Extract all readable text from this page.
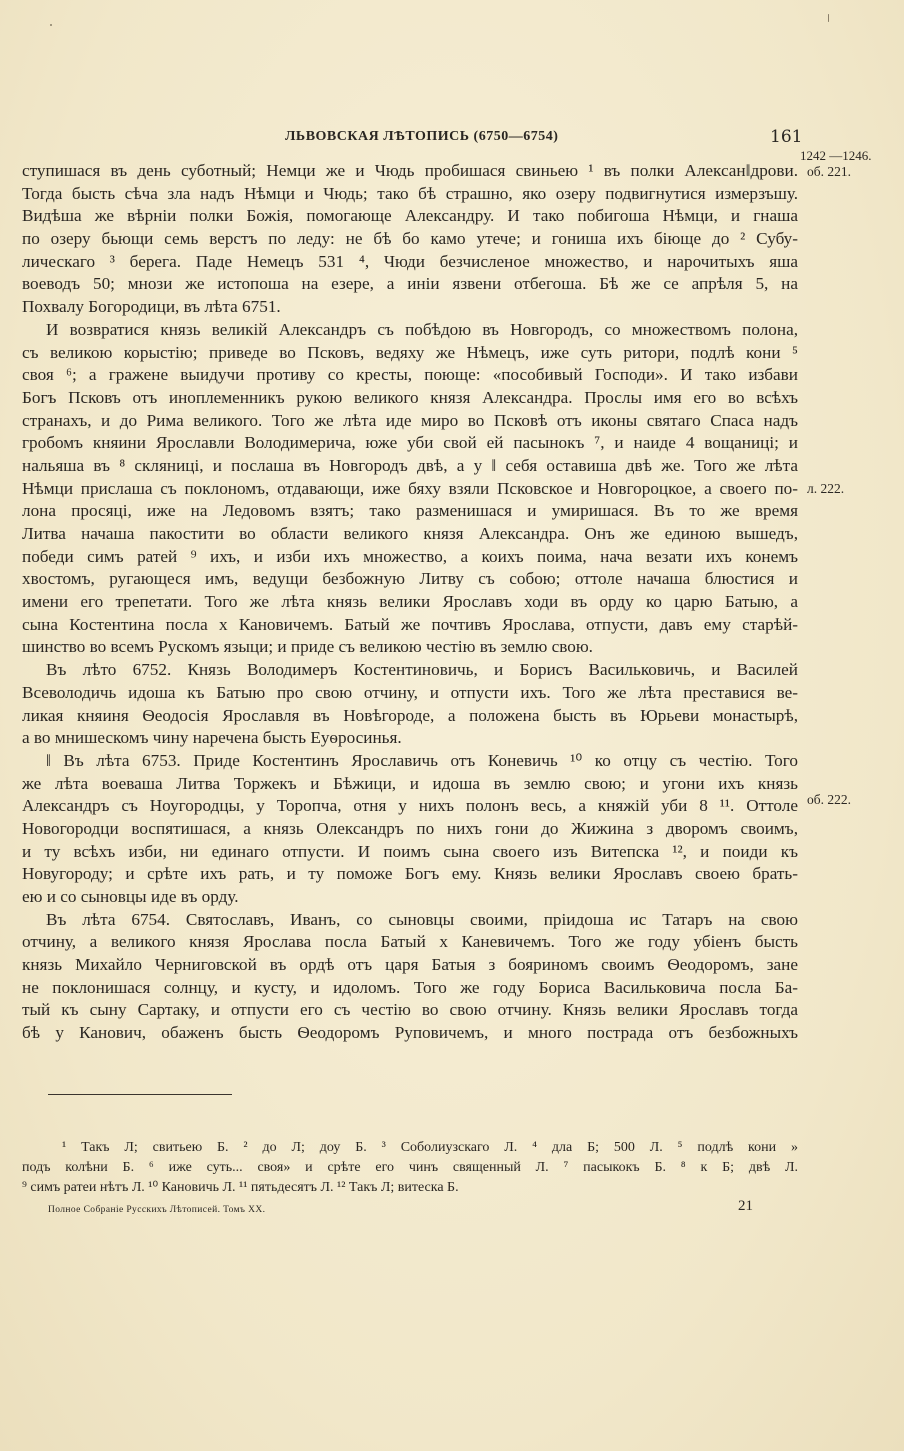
ЛЬВОВСКАЯ ЛѢТОПИСЬ (6750—6754)	161
1242 —1246.
об. 221.
л. 222.
об. 222.
ступишася въ день суботный; Немци же и Чюдь пробишася свиньею ¹ въ полки Алексан‖дрови.
Тогда бысть сѣча зла надъ Нѣмци и Чюдь; тако бѣ страшно, яко озеру подвигнутися измерзъшу.
Видѣша же вѣрнiи полки Божiя, помогающе Александру. И тако побигоша Нѣмци, и гнаша
по озеру бьющи семь верстъ по леду: не бѣ бо камо утече; и гониша ихъ бiюще до ² Субу-
лическаго ³ берега. Паде Немецъ 531 ⁴, Чюди безчисленое множество, и нарочитыхъ яша
воеводъ 50; мнози же истопоша на езере, а инiи язвени отбегоша. Бѣ же се апрѣля 5, на
Похвалу Богородици, въ лѣта 6751.
И возвратися князь великiй Александръ съ побѣдою въ Новгородъ, со множествомъ полона,
съ великою корыстiю; приведе во Псковъ, ведяху же Нѣмецъ, иже суть ритори, подлѣ кони ⁵
своя ⁶; а гражене выидучи противу со кресты, поюще: «пособивый Господи». И тако избави
Богъ Псковъ отъ иноплеменникъ рукою великого князя Александра. Прослы имя его во всѣхъ
странахъ, и до Рима великого. Того же лѣта иде миро во Псковѣ отъ иконы святаго Спаса надъ
гробомъ княини Ярославли Володимерича, юже уби свой ей пасынокъ ⁷, и наиде 4 вощаницi; и
нальяша въ ⁸ скляницi, и послаша въ Новгородъ двѣ, а у ‖ себя оставиша двѣ же. Того же лѣта
Нѣмци прислаша съ поклономъ, отдавающи, иже бяху взяли Псковское и Новгороцкое, а своего по-
лона просяцi, иже на Ледовомъ взятъ; тако разменишася и умиришася. Въ то же время
Литва начаша пакостити во области великого князя Александра. Онъ же единою вышедъ,
победи симъ ратей ⁹ ихъ, и изби ихъ множество, а коихъ поима, нача везати ихъ конемъ
хвостомъ, ругающеся имъ, ведущи безбожную Литву съ собою; оттоле начаша блюстися и
имени его трепетати. Того же лѣта князь велики Ярославъ ходи въ орду ко царю Батыю, а
сына Костентина посла х Кановичемъ. Батый же почтивъ Ярослава, отпусти, давъ ему старѣй-
шинство во всемъ Рускомъ языци; и приде съ великою честiю въ землю свою.
Въ лѣто 6752. Князь Володимеръ Костентиновичь, и Борисъ Васильковичь, и Василей
Всеволодичь идоша къ Батыю про свою отчину, и отпусти ихъ. Того же лѣта преставися ве-
ликая княиня Ѳеодосiя Ярославля въ Новѣгороде, а положена бысть въ Юрьеви монастырѣ,
а во мнишескомъ чину наречена бысть Еуѳросинья.
‖ Въ лѣта 6753. Приде Костентинъ Ярославичь отъ Коневичь ¹⁰ ко отцу съ честiю. Того
же лѣта воеваша Литва Торжекъ и Бѣжици, и идоша въ землю свою; и угони ихъ князь
Александръ съ Ноугородцы, у Торопча, отня у нихъ полонъ весь, а княжiй уби 8 ¹¹. Оттоле
Новогородци воспятишася, а князь Олександръ по нихъ гони до Жижина з дворомъ своимъ,
и ту всѣхъ изби, ни единаго отпусти. И поимъ сына своего изъ Витепска ¹², и поиди къ
Новугороду; и срѣте ихъ рать, и ту поможе Богъ ему. Князь велики Ярославъ своею брать-
ею и со сыновцы иде въ орду.
Въ лѣта 6754. Святославъ, Иванъ, со сыновцы своими, прiидоша ис Татаръ на свою
отчину, а великого князя Ярослава посла Батый х Каневичемъ. Того же году убiенъ бысть
князь Михайло Черниговской въ ордѣ отъ царя Батыя з бояриномъ своимъ Ѳеодоромъ, зане
не поклонишася солнцу, и кусту, и идоломъ. Того же году Бориса Васильковича посла Ба-
тый къ сыну Сартаку, и отпусти его съ честiю во свою отчину. Князь велики Ярославъ тогда
бѣ у Канович, обаженъ бысть Ѳеодоромъ Руповичемъ, и много пострада отъ безбожныхъ
¹ Такъ Л; свитьею Б. ² до Л; доу Б. ³ Соболиузскаго Л. ⁴ дла Б; 500 Л. ⁵ подлѣ кони »
подъ колѣни Б. ⁶ иже суть... своя» и срѣте его чинъ священный Л. ⁷ пасыкокъ Б. ⁸ к Б; двѣ Л.
⁹ симъ ратеи нѣтъ Л. ¹⁰ Кановичь Л. ¹¹ пятьдесятъ Л. ¹² Такъ Л; витеска Б.
Полное Собранiе Русскихъ Лѣтописей. Томъ XX.	21
